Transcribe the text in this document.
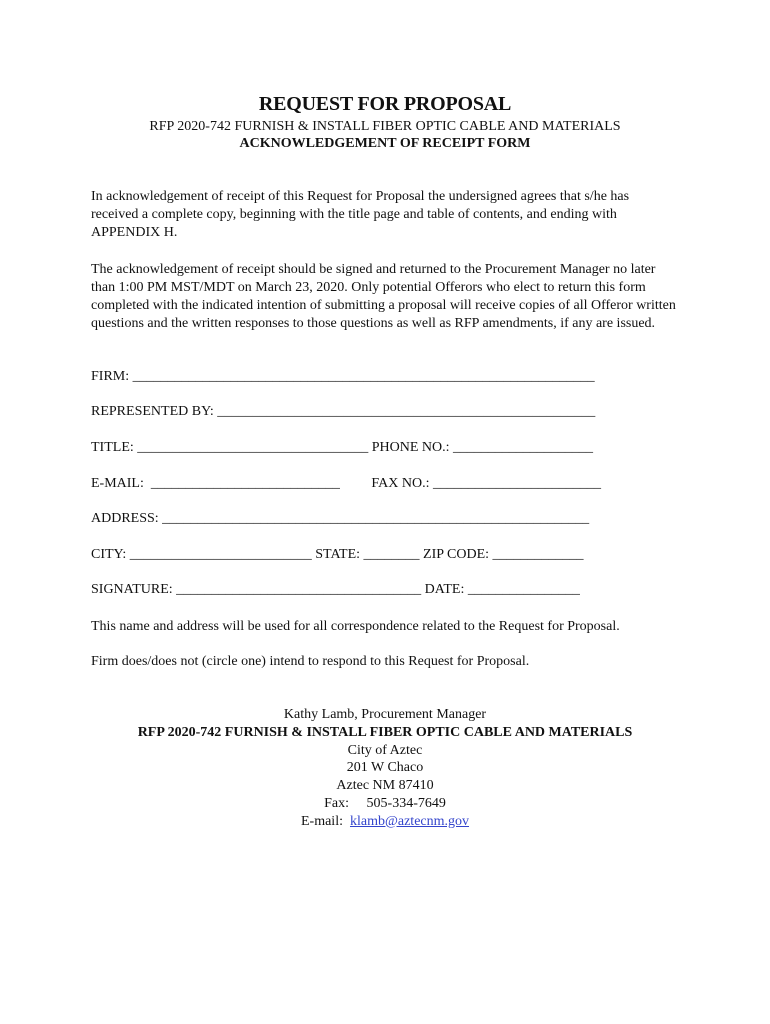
REQUEST FOR PROPOSAL
RFP 2020-742 FURNISH & INSTALL FIBER OPTIC CABLE AND MATERIALS
ACKNOWLEDGEMENT OF RECEIPT FORM
In acknowledgement of receipt of this Request for Proposal the undersigned agrees that s/he has received a complete copy, beginning with the title page and table of contents, and ending with APPENDIX H.
The acknowledgement of receipt should be signed and returned to the Procurement Manager no later than 1:00 PM MST/MDT on March 23, 2020. Only potential Offerors who elect to return this form completed with the indicated intention of submitting a proposal will receive copies of all Offeror written questions and the written responses to those questions as well as RFP amendments, if any are issued.
FIRM: __________________________________________________________________
REPRESENTED BY: ______________________________________________________
TITLE: _________________________________ PHONE NO.: ____________________
E-MAIL:  ___________________________         FAX NO.: ________________________
ADDRESS: _____________________________________________________________
CITY: __________________________ STATE: ________ ZIP CODE: _____________
SIGNATURE: ___________________________________ DATE: ________________
This name and address will be used for all correspondence related to the Request for Proposal.
Firm does/does not (circle one) intend to respond to this Request for Proposal.
Kathy Lamb, Procurement Manager
RFP 2020-742 FURNISH & INSTALL FIBER OPTIC CABLE AND MATERIALS
City of Aztec
201 W Chaco
Aztec NM 87410
Fax: 505-334-7649
E-mail: klamb@aztecnm.gov
